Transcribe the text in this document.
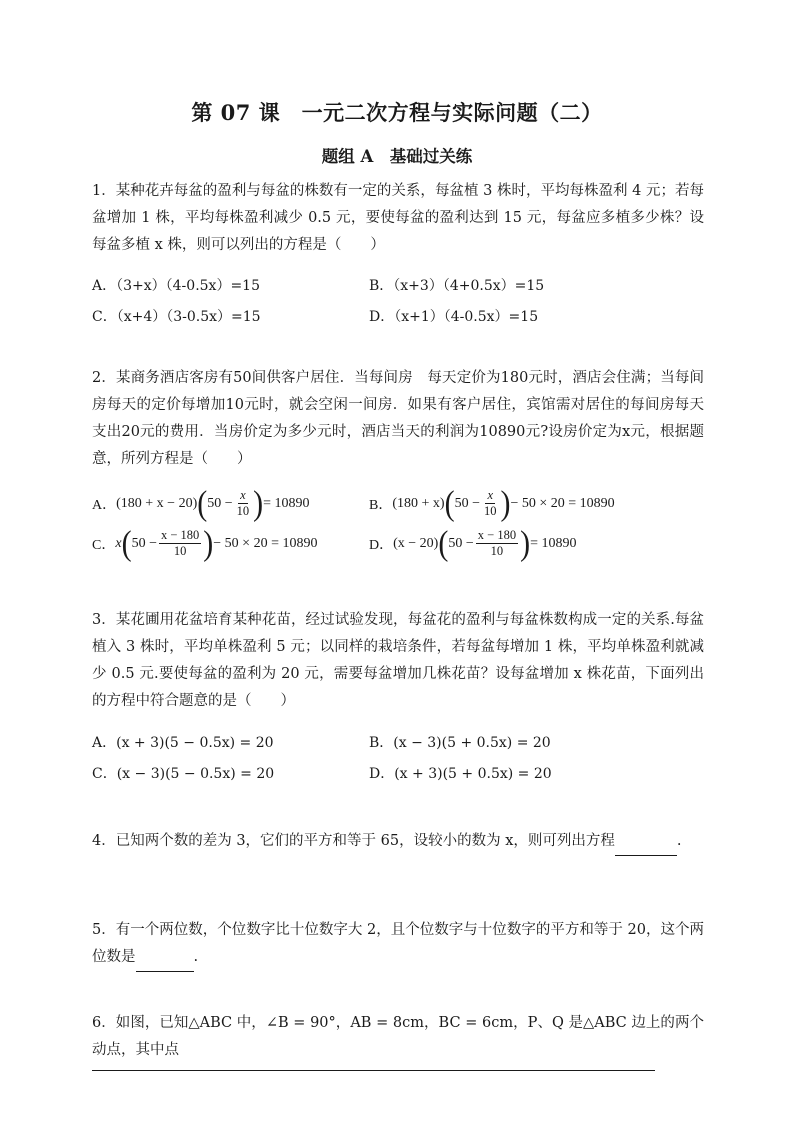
第 07 课　一元二次方程与实际问题（二）
题组 A　基础过关练
1．某种花卉每盆的盈利与每盆的株数有一定的关系，每盆植 3 株时，平均每株盈利 4 元；若每盆增加 1 株，平均每株盈利减少 0.5 元，要使每盆的盈利达到 15 元，每盆应多植多少株？设每盆多植 x 株，则可以列出的方程是（　　）
A．（3+x）（4-0.5x）=15	B．（x+3）（4+0.5x）=15
C．（x+4）（3-0.5x）=15	D．（x+1）（4-0.5x）=15
2．某商务酒店客房有50间供客户居住．当每间房　每天定价为180元时，酒店会住满；当每间房每天的定价每增加10元时，就会空闲一间房．如果有客户居住，宾馆需对居住的每间房每天支出20元的费用．当房价定为多少元时，酒店当天的利润为10890元?设房价定为x元，根据题意，所列方程是（　　）
A． (180 + x − 20) ( $50 - \frac{x}{10}$ ) = 10890	B． (180 + x) ( $50 - \frac{x}{10}$ ) − 50 × 20 = 10890
C． x ( $50 - \frac{x - 180}{10}$ ) − 50 × 20 = 10890	D． (x − 20) ( $50 - \frac{x - 180}{10}$ ) = 10890
3．某花圃用花盆培育某种花苗，经过试验发现，每盆花的盈利与每盆株数构成一定的关系.每盆植入 3 株时，平均单株盈利 5 元；以同样的栽培条件，若每盆每增加 1 株，平均单株盈利就减少 0.5 元.要使每盆的盈利为 20 元，需要每盆增加几株花苗？设每盆增加 x 株花苗，下面列出的方程中符合题意的是（　　）
A．(x + 3)(5 − 0.5x) = 20	B．(x − 3)(5 + 0.5x) = 20
C．(x − 3)(5 − 0.5x) = 20	D．(x + 3)(5 + 0.5x) = 20
4．已知两个数的差为 3，它们的平方和等于 65，设较小的数为 x，则可列出方程	.
5．有一个两位数，个位数字比十位数字大 2，且个位数字与十位数字的平方和等于 20，这个两位数是	.
6．如图，已知△ABC 中，∠B = 90°，AB = 8cm，BC = 6cm，P、Q 是△ABC 边上的两个动点，其中点
